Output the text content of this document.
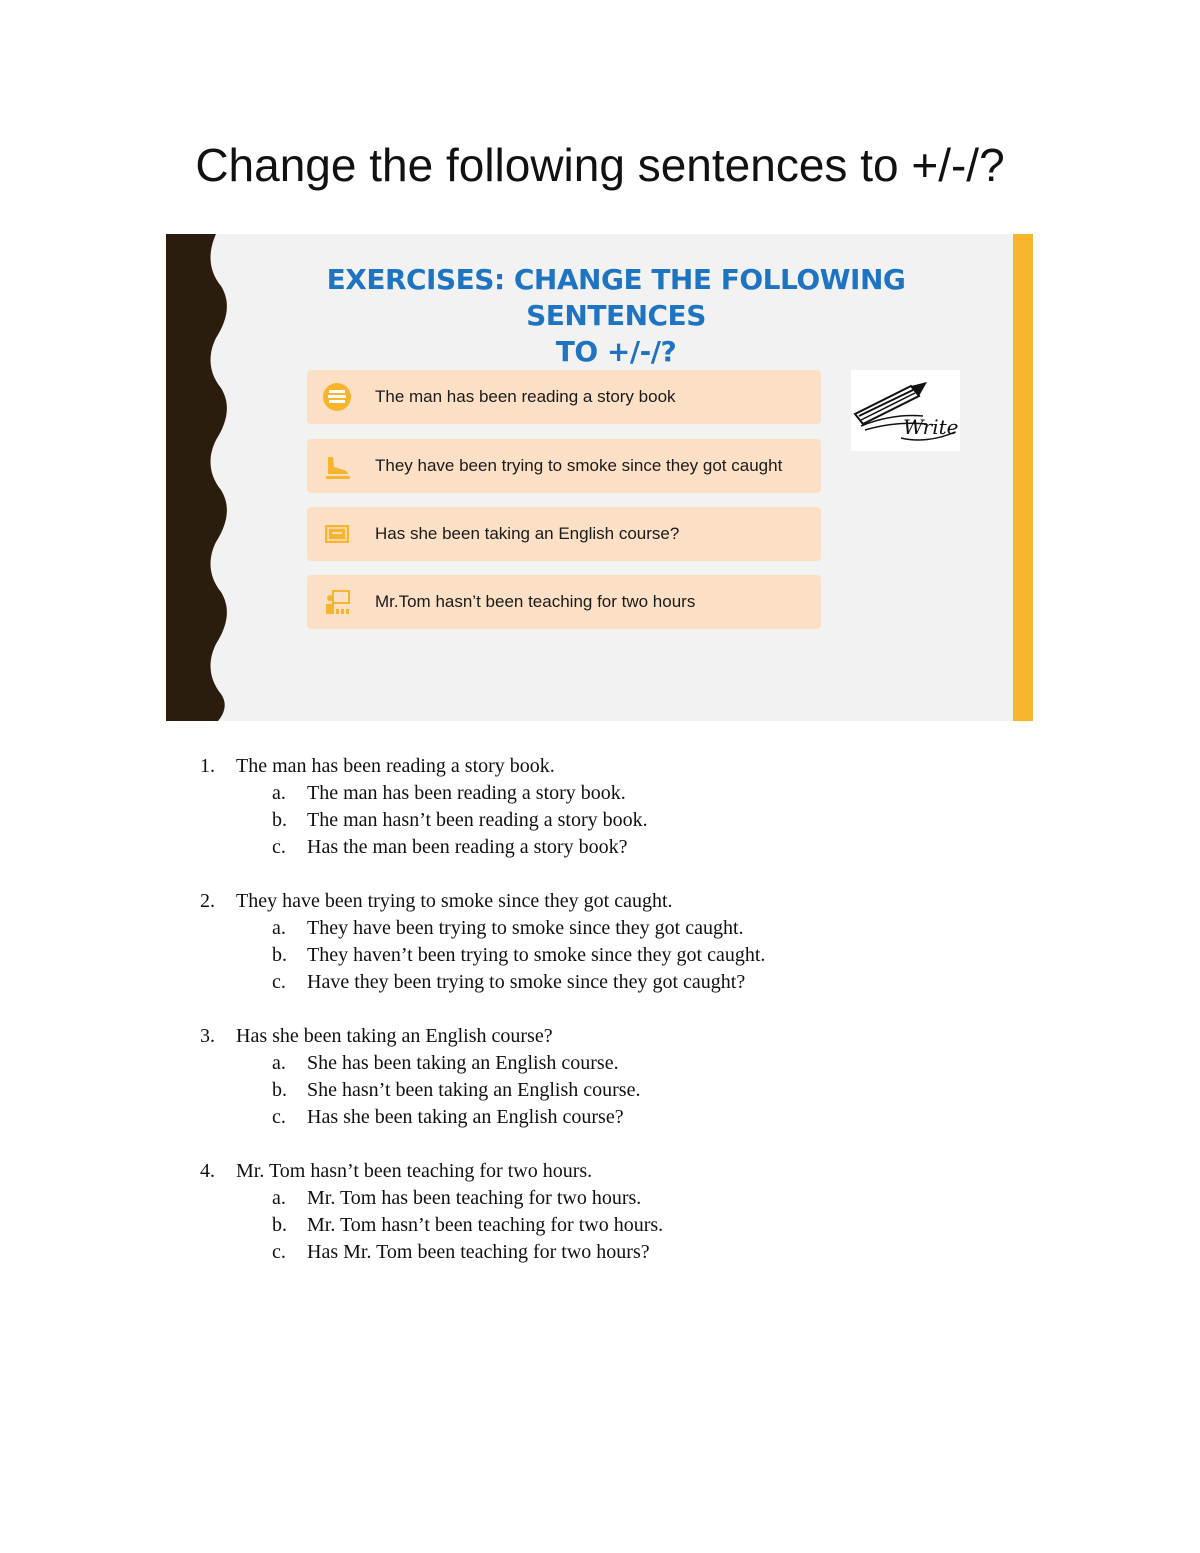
Change the following sentences to +/-/?
EXERCISES: CHANGE THE FOLLOWING SENTENCES
TO +/-/?
The man has been reading a story book
They have been trying to smoke since they got caught
Has she been taking an English course?
Mr.Tom hasn’t been teaching for two hours
Write
1.	The man has been reading a story book.
a.	The man has been reading a story book.
b.	The man hasn’t been reading a story book.
c.	Has the man been reading a story book?
2.	They have been trying to smoke since they got caught.
a.	They have been trying to smoke since they got caught.
b.	They haven’t been trying to smoke since they got caught.
c.	Have they been trying to smoke since they got caught?
3.	Has she been taking an English course?
a.	She has been taking an English course.
b.	She hasn’t been taking an English course.
c.	Has she been taking an English course?
4.	Mr. Tom hasn’t been teaching for two hours.
a.	Mr. Tom has been teaching for two hours.
b.	Mr. Tom hasn’t been teaching for two hours.
c.	Has Mr. Tom been teaching for two hours?
